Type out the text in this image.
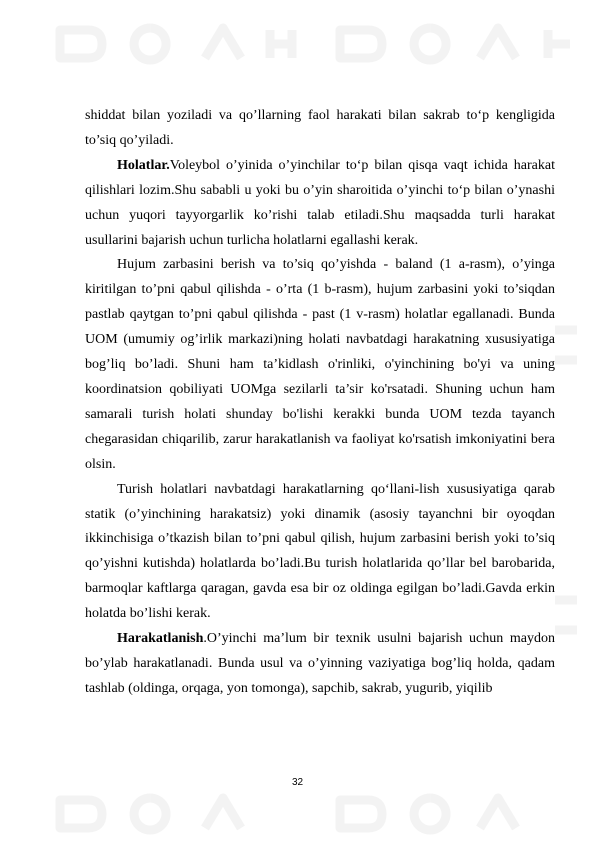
shiddat bilan yoziladi va qo’llarning faol harakati bilan sakrab to‘p kengligida to’siq qo’yiladi.

Holatlar.Voleybol o’yinida o’yinchilar to‘p bilan qisqa vaqt ichida harakat qilishlari lozim.Shu sababli u yoki bu o’yin sharoitida o’yinchi to‘p bilan o’ynashi uchun yuqori tayyorgarlik ko’rishi talab etiladi.Shu maqsadda turli harakat usullarini bajarish uchun turlicha holatlarni egallashi kerak.

Hujum zarbasini berish va to’siq qo’yishda - baland (1 a-rasm), o’yinga kiritilgan to’pni qabul qilishda - o’rta (1 b-rasm), hujum zarbasini yoki to’siqdan pastlab qaytgan to’pni qabul qilishda - past (1 v-rasm) holatlar egallanadi. Bunda UOM (umumiy og’irlik markazi)ning holati navbatdagi harakatning xususiyatiga bog’liq bo’ladi. Shuni ham ta’kidlash o'rinliki, o'yinchining bo'yi va uning koordinatsion qobiliyati UOMga sezilarli ta’sir ko'rsatadi. Shuning uchun ham samarali turish holati shunday bo'lishi kerakki bunda UOM tezda tayanch chegarasidan chiqarilib, zarur harakatlanish va faoliyat ko'rsatish imkoniyatini bera olsin.

Turish holatlari navbatdagi harakatlarning qo‘llani-lish xususiyatiga qarab statik (o’yinchining harakatsiz) yoki dinamik (asosiy tayanchni bir oyoqdan ikkinchisiga o’tkazish bilan to’pni qabul qilish, hujum zarbasini berish yoki to’siq qo’yishni kutishda) holatlarda bo’ladi.Bu turish holatlarida qo’llar bel barobarida, barmoqlar kaftlarga qaragan, gavda esa bir oz oldinga egilgan bo’ladi.Gavda erkin holatda bo’lishi kerak.

Harakatlanish.O’yinchi ma’lum bir texnik usulni bajarish uchun maydon bo’ylab harakatlanadi. Bunda usul va o’yinning vaziyatiga bog’liq holda, qadam tashlab (oldinga, orqaga, yon tomonga), sapchib, sakrab, yugurib, yiqilib

32
